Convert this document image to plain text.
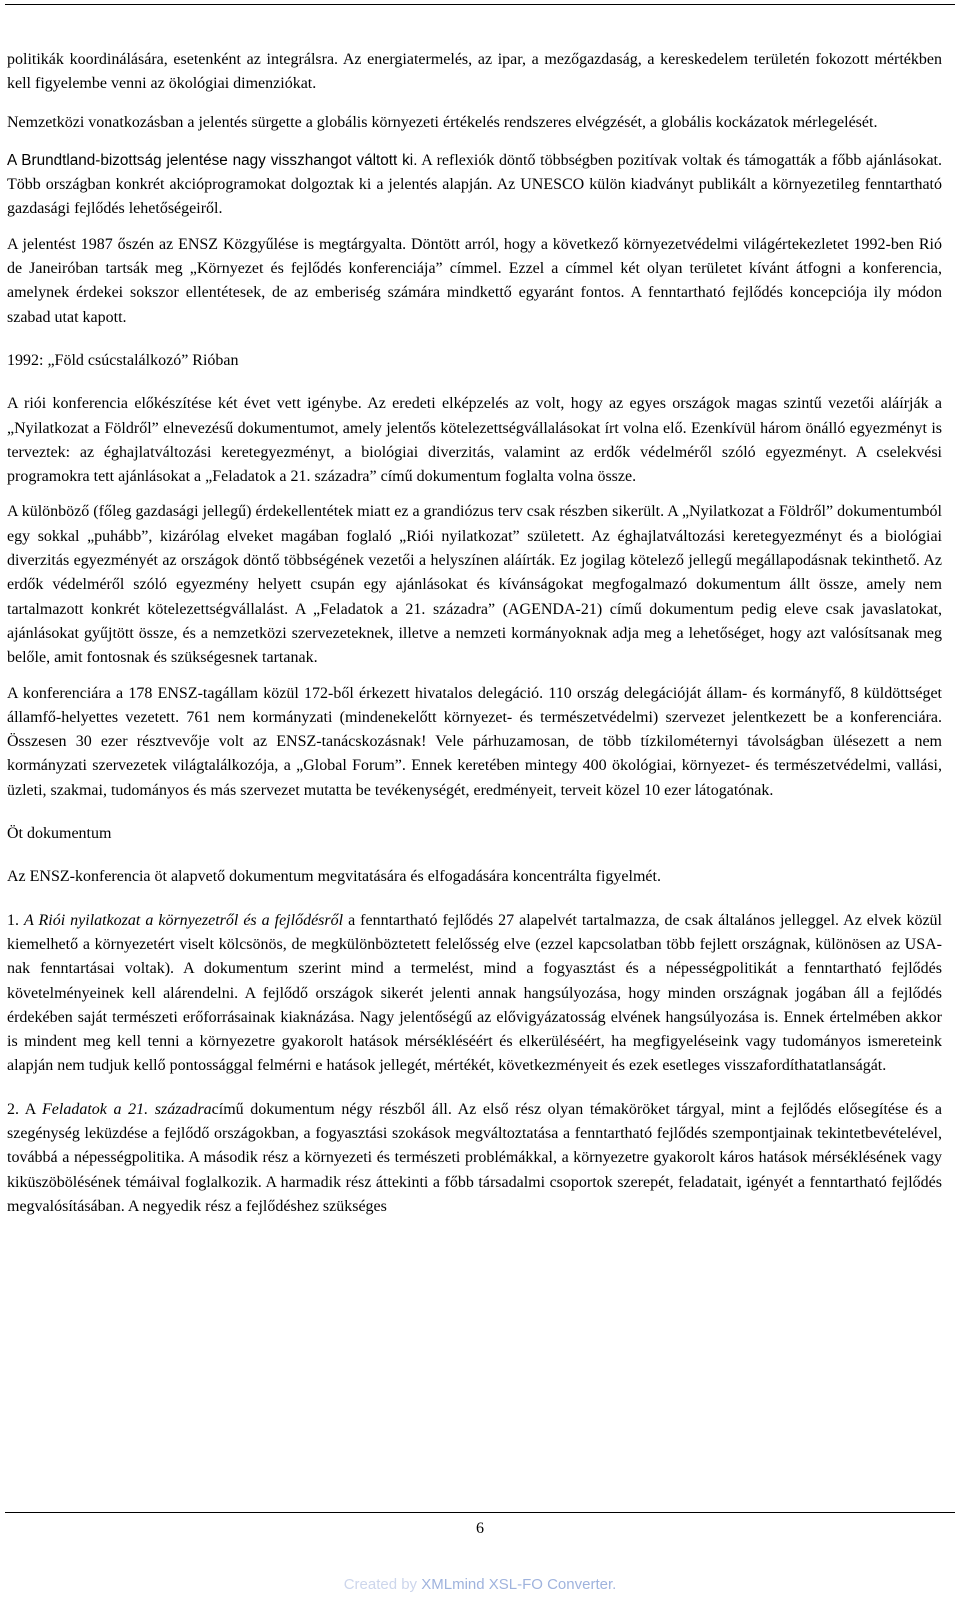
politikák koordinálására, esetenként az integrálsra. Az energiatermelés, az ipar, a mezőgazdaság, a kereskedelem területén fokozott mértékben kell figyelembe venni az ökológiai dimenziókat.

Nemzetközi vonatkozásban a jelentés sürgette a globális környezeti értékelés rendszeres elvégzését, a globális kockázatok mérlegelését.

A Brundtland-bizottság jelentése nagy visszhangot váltott ki. A reflexiók döntő többségben pozitívak voltak és támogatták a főbb ajánlásokat. Több országban konkrét akcióprogramokat dolgoztak ki a jelentés alapján. Az UNESCO külön kiadványt publikált a környezetileg fenntartható gazdasági fejlődés lehetőségeiről.

A jelentést 1987 őszén az ENSZ Közgyűlése is megtárgyalta. Döntött arról, hogy a következő környezetvédelmi világértekezletet 1992-ben Rió de Janeiróban tartsák meg „Környezet és fejlődés konferenciája” címmel. Ezzel a címmel két olyan területet kívánt átfogni a konferencia, amelynek érdekei sokszor ellentétesek, de az emberiség számára mindkettő egyaránt fontos. A fenntartható fejlődés koncepciója ily módon szabad utat kapott.

1992: „Föld csúcstalálkozó” Rióban

A riói konferencia előkészítése két évet vett igénybe. Az eredeti elképzelés az volt, hogy az egyes országok magas szintű vezetői aláírják a „Nyilatkozat a Földről” elnevezésű dokumentumot, amely jelentős kötelezettségvállalásokat írt volna elő. Ezenkívül három önálló egyezményt is terveztek: az éghajlatváltozási keretegyezményt, a biológiai diverzitás, valamint az erdők védelméről szóló egyezményt. A cselekvési programokra tett ajánlásokat a „Feladatok a 21. századra” című dokumentum foglalta volna össze.

A különböző (főleg gazdasági jellegű) érdekellentétek miatt ez a grandiózus terv csak részben sikerült. A „Nyilatkozat a Földről” dokumentumból egy sokkal „puhább”, kizárólag elveket magában foglaló „Riói nyilatkozat” született. Az éghajlatváltozási keretegyezményt és a biológiai diverzitás egyezményét az országok döntő többségének vezetői a helyszínen aláírták. Ez jogilag kötelező jellegű megállapodásnak tekinthető. Az erdők védelméről szóló egyezmény helyett csupán egy ajánlásokat és kívánságokat megfogalmazó dokumentum állt össze, amely nem tartalmazott konkrét kötelezettségvállalást. A „Feladatok a 21. századra” (AGENDA-21) című dokumentum pedig eleve csak javaslatokat, ajánlásokat gyűjtött össze, és a nemzetközi szervezeteknek, illetve a nemzeti kormányoknak adja meg a lehetőséget, hogy azt valósítsanak meg belőle, amit fontosnak és szükségesnek tartanak.

A konferenciára a 178 ENSZ-tagállam közül 172-ből érkezett hivatalos delegáció. 110 ország delegációját állam- és kormányfő, 8 küldöttséget államfő-helyettes vezetett. 761 nem kormányzati (mindenekelőtt környezet- és természetvédelmi) szervezet jelentkezett be a konferenciára. Összesen 30 ezer résztvevője volt az ENSZ-tanácskozásnak! Vele párhuzamosan, de több tízkilométernyi távolságban ülésezett a nem kormányzati szervezetek világtalálkozója, a „Global Forum”. Ennek keretében mintegy 400 ökológiai, környezet- és természetvédelmi, vallási, üzleti, szakmai, tudományos és más szervezet mutatta be tevékenységét, eredményeit, terveit közel 10 ezer látogatónak.

Öt dokumentum

Az ENSZ-konferencia öt alapvető dokumentum megvitatására és elfogadására koncentrálta figyelmét.

1. A Riói nyilatkozat a környezetről és a fejlődésről a fenntartható fejlődés 27 alapelvét tartalmazza, de csak általános jelleggel. Az elvek közül kiemelhető a környezetért viselt kölcsönös, de megkülönböztetett felelősség elve (ezzel kapcsolatban több fejlett országnak, különösen az USA-nak fenntartásai voltak). A dokumentum szerint mind a termelést, mind a fogyasztást és a népességpolitikát a fenntartható fejlődés követelményeinek kell alárendelni. A fejlődő országok sikerét jelenti annak hangsúlyozása, hogy minden országnak jogában áll a fejlődés érdekében saját természeti erőforrásainak kiaknázása. Nagy jelentőségű az elővigyázatosság elvének hangsúlyozása is. Ennek értelmében akkor is mindent meg kell tenni a környezetre gyakorolt hatások mérsékléséért és elkerüléséért, ha megfigyeléseink vagy tudományos ismereteink alapján nem tudjuk kellő pontossággal felmérni e hatások jellegét, mértékét, következményeit és ezek esetleges visszafordíthatatlanságát.

2. A Feladatok a 21. századracímű dokumentum négy részből áll. Az első rész olyan témaköröket tárgyal, mint a fejlődés elősegítése és a szegénység leküzdése a fejlődő országokban, a fogyasztási szokások megváltoztatása a fenntartható fejlődés szempontjainak tekintetbevételével, továbbá a népességpolitika. A második rész a környezeti és természeti problémákkal, a környezetre gyakorolt káros hatások mérséklésének vagy kiküszöbölésének témáival foglalkozik. A harmadik rész áttekinti a főbb társadalmi csoportok szerepét, feladatait, igényét a fenntartható fejlődés megvalósításában. A negyedik rész a fejlődéshez szükséges

6
Created by XMLmind XSL-FO Converter.
